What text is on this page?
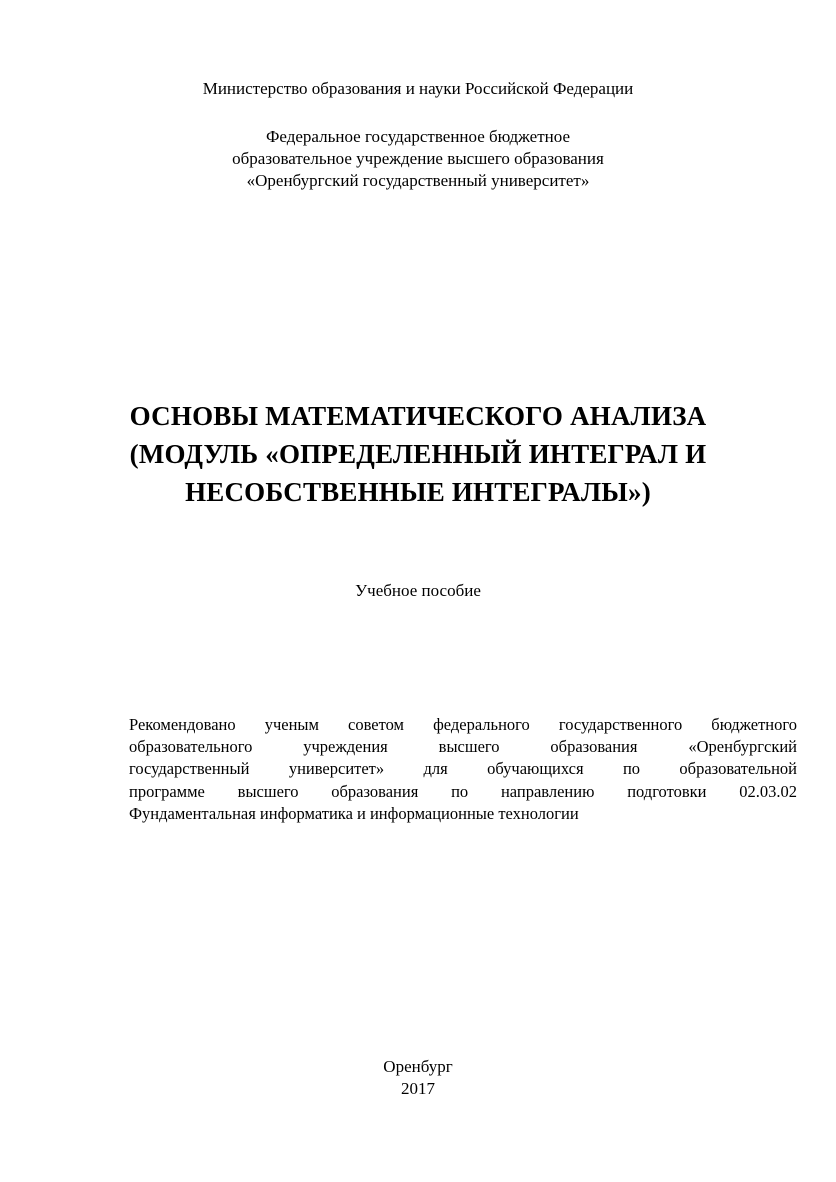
Министерство образования и науки Российской Федерации
Федеральное государственное бюджетное
образовательное учреждение высшего образования
«Оренбургский государственный университет»
ОСНОВЫ МАТЕМАТИЧЕСКОГО АНАЛИЗА
(МОДУЛЬ «ОПРЕДЕЛЕННЫЙ ИНТЕГРАЛ И
НЕСОБСТВЕННЫЕ ИНТЕГРАЛЫ»)
Учебное пособие
Рекомендовано ученым советом федерального государственного бюджетного
образовательного учреждения высшего образования «Оренбургский
государственный университет» для обучающихся по образовательной
программе высшего образования по направлению подготовки 02.03.02
Фундаментальная информатика и информационные технологии
Оренбург
2017
